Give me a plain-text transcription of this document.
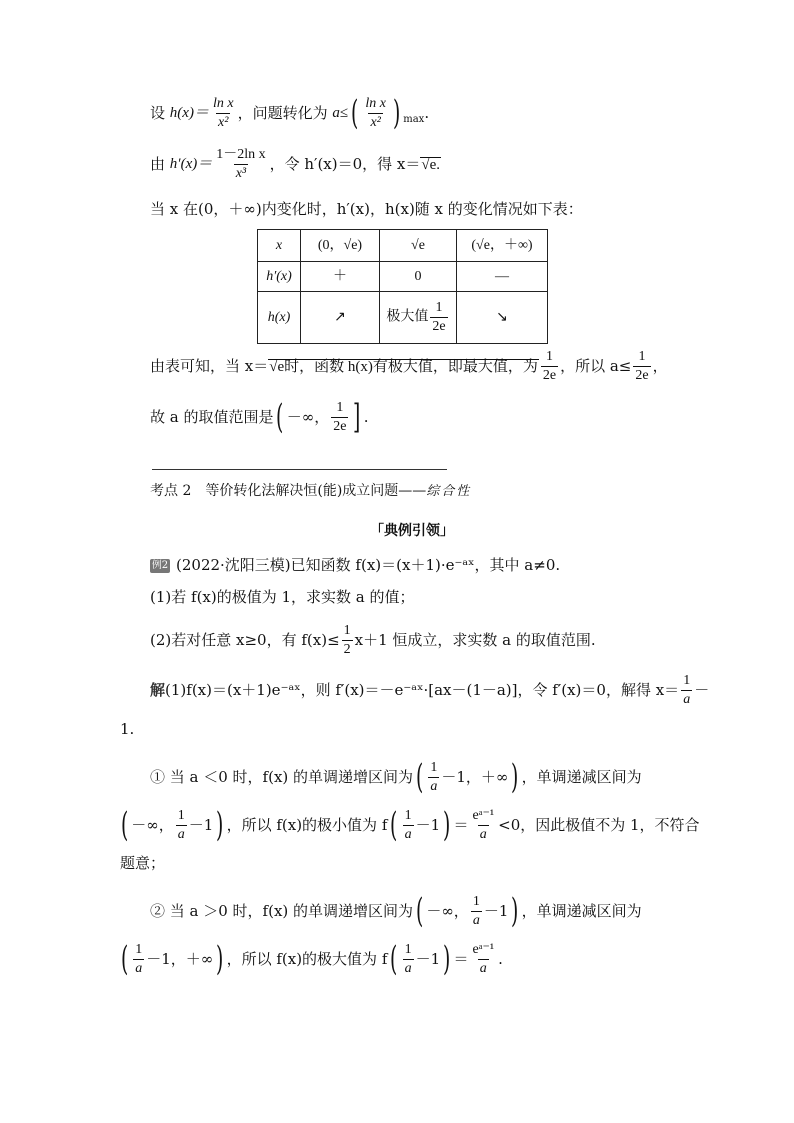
设
$h(x)= \frac{\text{ln x}}{\text{x²}}$ ，问题转化为
a≤ ( $\frac{\text{ln x}}{\text{x²}}$ ) max .
由
$h'(x)= \frac{\text{1－2ln x}}{\text{x³}}$ ，令 h′(x)＝0，得 x＝ √ e.
当 x 在(0，＋∞)内变化时，h′(x)，h(x)随 x 的变化情况如下表：
x	(0，√e)	√e	(√e，＋∞)
h′(x)	＋	0	—
h(x)	↗	极大值 $\frac{1}{2e}$	↘
由表可知，当 x＝ √ e时，函数 h(x)有极大值，即最大值，为 $\frac{1}{2e}$ ，所以 $a\le \frac{1}{2e}$ ，
故 a 的取值范围是 ( －∞， $\frac{1}{2e}$ ] .
考点 2　等价转化法解决恒(能)成立问题—— 综合性
「典例引领」
例2 (2022·沈阳三模)已知函数 f(x)＝(x＋1)·e⁻ᵃˣ，其中 a≠0.
(1)若 f(x)的极值为 1，求实数 a 的值；
(2)若对任意 x≥0，有 $f(x)\le \frac{1}{2} x+1$ 恒成立，求实数 a 的取值范围.
解 (1)f(x)＝(x＋1)e⁻ᵃˣ，则 f′(x)＝－e⁻ᵃˣ·[ax－(1－a)]，令 f′(x)＝0，解得 $x= \frac{1}{a}$ －
1.
① 当 a ＜0 时，f(x) 的单调递增区间为 ( $\frac{1}{a} -1$，＋∞ ) ，单调递减区间为
( －∞， $\frac{1}{a} -1$ ) ，所以 f(x)的极小值为 f ( $\frac{1}{a} -1$ ) ＝ $\frac{\text{eᵃ⁻¹}}{a} <0$，因此极值不为 1，不符合
题意；
② 当 a ＞0 时，f(x) 的单调递增区间为 ( －∞， $\frac{1}{a} -1$ ) ，单调递减区间为
( $\frac{1}{a} -1$，＋∞ ) ，所以 f(x)的极大值为 f ( $\frac{1}{a} -1$ ) ＝ $\frac{\text{eᵃ⁻¹}}{a}$ .
